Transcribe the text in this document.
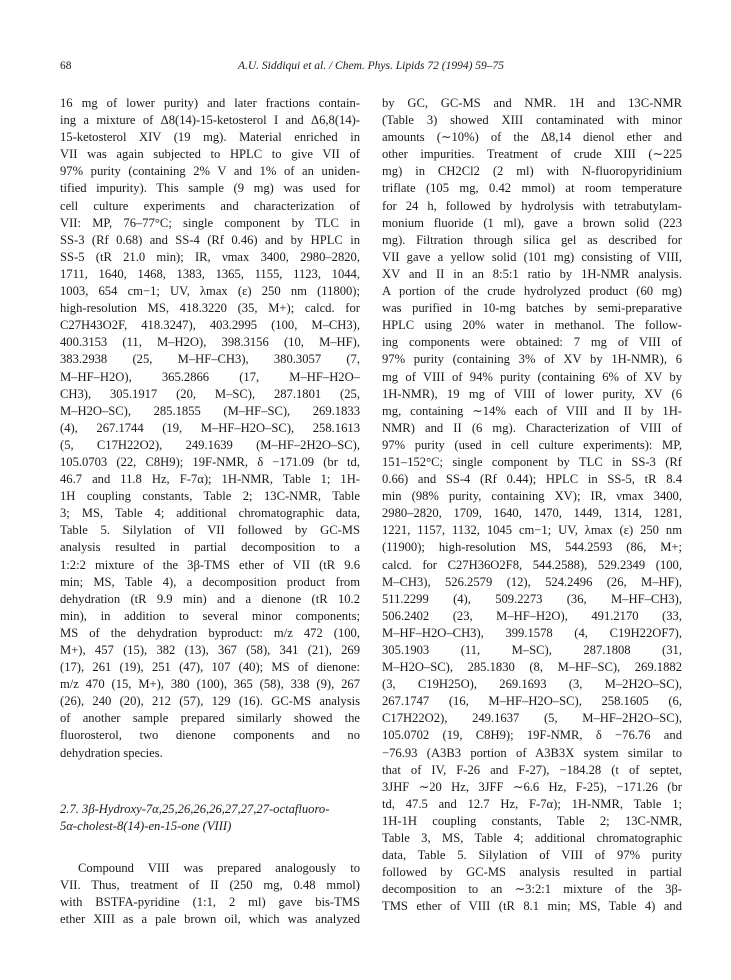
68	A.U. Siddiqui et al. / Chem. Phys. Lipids 72 (1994) 59–75
16 mg of lower purity) and later fractions contain-
ing a mixture of Δ8(14)-15-ketosterol I and Δ6,8(14)-
15-ketosterol XIV (19 mg). Material enriched in
VII was again subjected to HPLC to give VII of
97% purity (containing 2% V and 1% of an uniden-
tified impurity). This sample (9 mg) was used for
cell culture experiments and characterization of
VII: MP, 76–77°C; single component by TLC in
SS-3 (Rf 0.68) and SS-4 (Rf 0.46) and by HPLC in
SS-5 (tR 21.0 min); IR, νmax 3400, 2980–2820,
1711, 1640, 1468, 1383, 1365, 1155, 1123, 1044,
1003, 654 cm−1; UV, λmax (ε) 250 nm (11800);
high-resolution MS, 418.3220 (35, M+); calcd. for
C27H43O2F, 418.3247), 403.2995 (100, M–CH3),
400.3153 (11, M–H2O), 398.3156 (10, M–HF),
383.2938 (25, M–HF–CH3), 380.3057 (7,
M–HF–H2O), 365.2866 (17, M–HF–H2O–
CH3), 305.1917 (20, M–SC), 287.1801 (25,
M–H2O–SC), 285.1855 (M–HF–SC), 269.1833
(4), 267.1744 (19, M–HF–H2O–SC), 258.1613
(5, C17H22O2), 249.1639 (M–HF–2H2O–SC),
105.0703 (22, C8H9); 19F-NMR, δ −171.09 (br td,
46.7 and 11.8 Hz, F-7α); 1H-NMR, Table 1; 1H-
1H coupling constants, Table 2; 13C-NMR, Table
3; MS, Table 4; additional chromatographic data,
Table 5. Silylation of VII followed by GC-MS
analysis resulted in partial decomposition to a
1:2:2 mixture of the 3β-TMS ether of VII (tR 9.6
min; MS, Table 4), a decomposition product from
dehydration (tR 9.9 min) and a dienone (tR 10.2
min), in addition to several minor components;
MS of the dehydration byproduct: m/z 472 (100,
M+), 457 (15), 382 (13), 367 (58), 341 (21), 269
(17), 261 (19), 251 (47), 107 (40); MS of dienone:
m/z 470 (15, M+), 380 (100), 365 (58), 338 (9), 267
(26), 240 (20), 212 (57), 129 (16). GC-MS analysis
of another sample prepared similarly showed the
fluorosterol, two dienone components and no
dehydration species.
2.7. 3β-Hydroxy-7α,25,26,26,26,27,27,27-octafluoro-
5α-cholest-8(14)-en-15-one (VIII)
Compound VIII was prepared analogously to
VII. Thus, treatment of II (250 mg, 0.48 mmol)
with BSTFA-pyridine (1:1, 2 ml) gave bis-TMS
ether XIII as a pale brown oil, which was analyzed
by GC, GC-MS and NMR. 1H and 13C-NMR
(Table 3) showed XIII contaminated with minor
amounts (∼10%) of the Δ8,14 dienol ether and
other impurities. Treatment of crude XIII (∼225
mg) in CH2Cl2 (2 ml) with N-fluoropyridinium
triflate (105 mg, 0.42 mmol) at room temperature
for 24 h, followed by hydrolysis with tetrabutylam-
monium fluoride (1 ml), gave a brown solid (223
mg). Filtration through silica gel as described for
VII gave a yellow solid (101 mg) consisting of VIII,
XV and II in an 8:5:1 ratio by 1H-NMR analysis.
A portion of the crude hydrolyzed product (60 mg)
was purified in 10-mg batches by semi-preparative
HPLC using 20% water in methanol. The follow-
ing components were obtained: 7 mg of VIII of
97% purity (containing 3% of XV by 1H-NMR), 6
mg of VIII of 94% purity (containing 6% of XV by
1H-NMR), 19 mg of VIII of lower purity, XV (6
mg, containing ∼14% each of VIII and II by 1H-
NMR) and II (6 mg). Characterization of VIII of
97% purity (used in cell culture experiments): MP,
151–152°C; single component by TLC in SS-3 (Rf
0.66) and SS-4 (Rf 0.44); HPLC in SS-5, tR 8.4
min (98% purity, containing XV); IR, νmax 3400,
2980–2820, 1709, 1640, 1470, 1449, 1314, 1281,
1221, 1157, 1132, 1045 cm−1; UV, λmax (ε) 250 nm
(11900); high-resolution MS, 544.2593 (86, M+;
calcd. for C27H36O2F8, 544.2588), 529.2349 (100,
M–CH3), 526.2579 (12), 524.2496 (26, M–HF),
511.2299 (4), 509.2273 (36, M–HF–CH3),
506.2402 (23, M–HF–H2O), 491.2170 (33,
M–HF–H2O–CH3), 399.1578 (4, C19H22OF7),
305.1903 (11, M–SC), 287.1808 (31,
M–H2O–SC), 285.1830 (8, M–HF–SC), 269.1882
(3, C19H25O), 269.1693 (3, M–2H2O–SC),
267.1747 (16, M–HF–H2O–SC), 258.1605 (6,
C17H22O2), 249.1637 (5, M–HF–2H2O–SC),
105.0702 (19, C8H9); 19F-NMR, δ −76.76 and
−76.93 (A3B3 portion of A3B3X system similar to
that of IV, F-26 and F-27), −184.28 (t of septet,
3JHF ∼20 Hz, 3JFF ∼6.6 Hz, F-25), −171.26 (br
td, 47.5 and 12.7 Hz, F-7α); 1H-NMR, Table 1;
1H-1H coupling constants, Table 2; 13C-NMR,
Table 3, MS, Table 4; additional chromatographic
data, Table 5. Silylation of VIII of 97% purity
followed by GC-MS analysis resulted in partial
decomposition to an ∼3:2:1 mixture of the 3β-
TMS ether of VIII (tR 8.1 min; MS, Table 4) and
